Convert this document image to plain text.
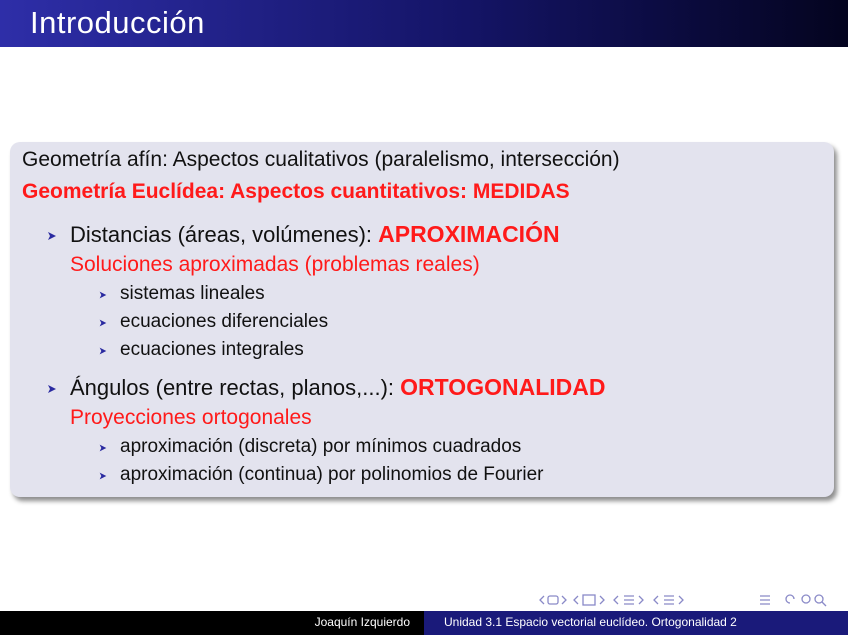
Introducción
Geometría afín: Aspectos cualitativos (paralelismo, intersección)
Geometría Euclídea: Aspectos cuantitativos: MEDIDAS
Distancias (áreas, volúmenes): APROXIMACIÓN
Soluciones aproximadas (problemas reales)
sistemas lineales
ecuaciones diferenciales
ecuaciones integrales
Ángulos (entre rectas, planos,...): ORTOGONALIDAD
Proyecciones ortogonales
aproximación (discreta) por mínimos cuadrados
aproximación (continua) por polinomios de Fourier
Joaquín Izquierdo	Unidad 3.1 Espacio vectorial euclídeo. Ortogonalidad 2
